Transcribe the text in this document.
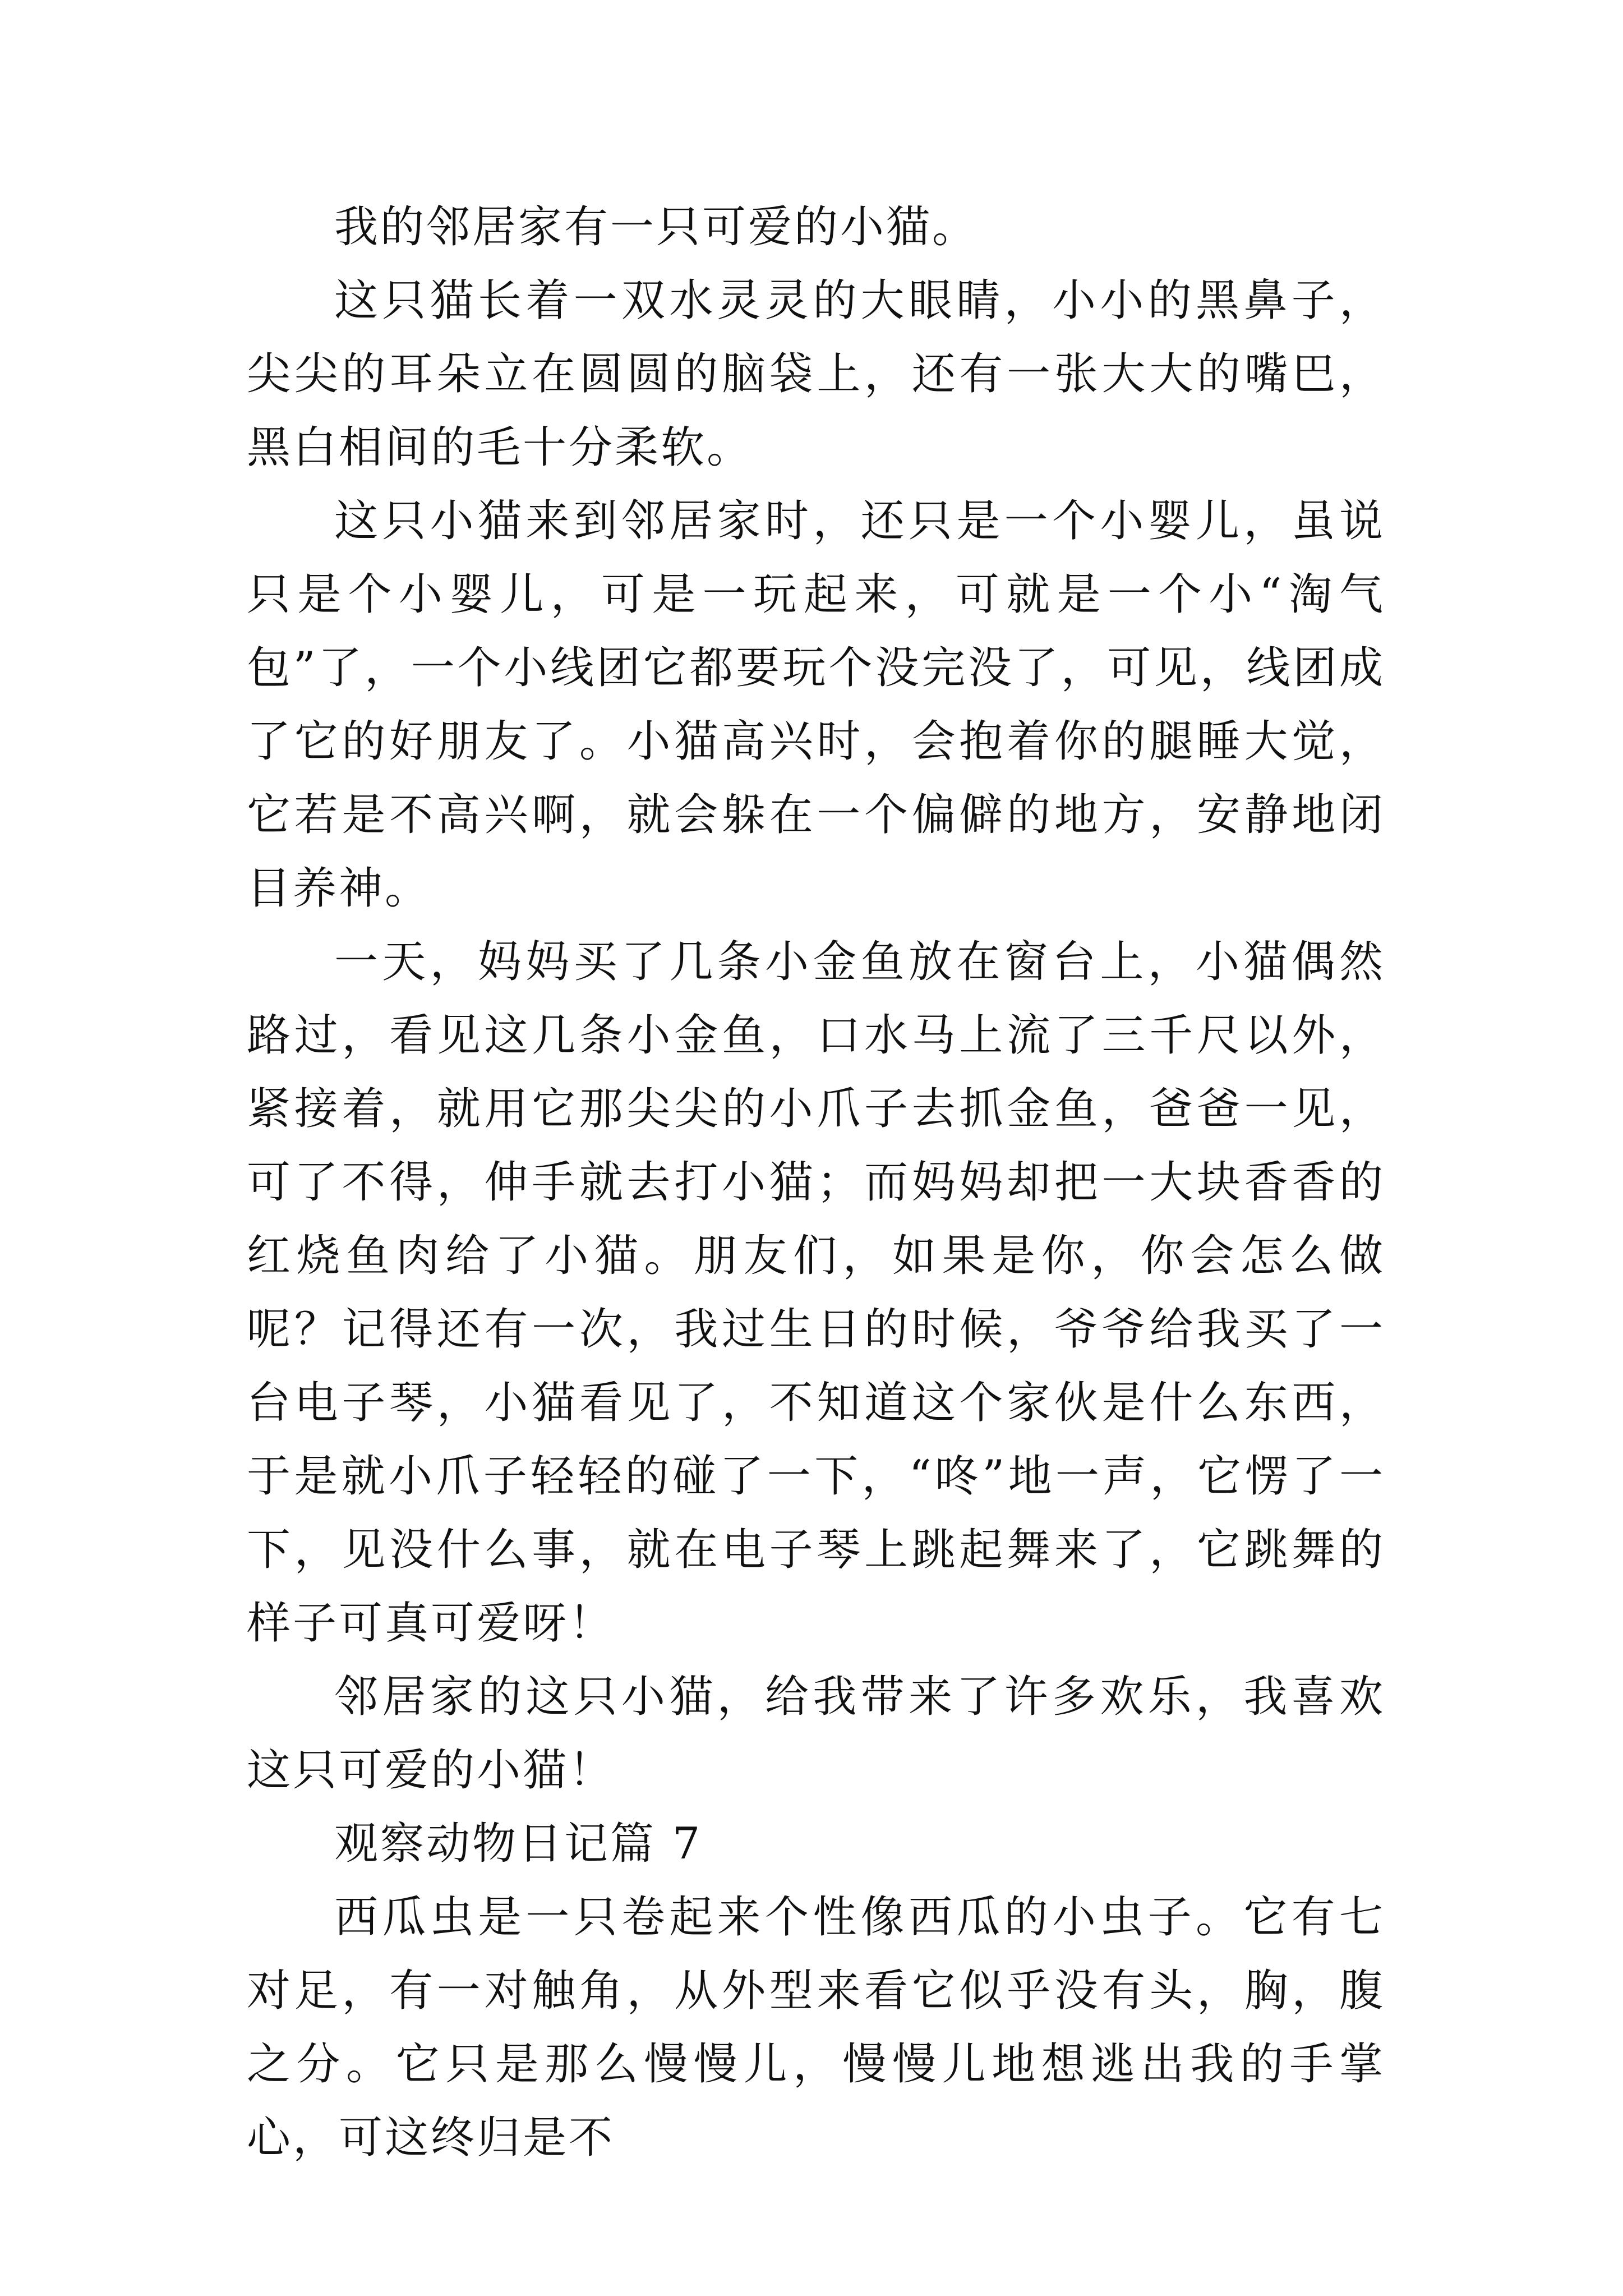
我的邻居家有一只可爱的小猫。

这只猫长着一双水灵灵的大眼睛，小小的黑鼻子，尖尖的耳朵立在圆圆的脑袋上，还有一张大大的嘴巴，黑白相间的毛十分柔软。

这只小猫来到邻居家时，还只是一个小婴儿，虽说只是个小婴儿，可是一玩起来，可就是一个小“淘气包”了，一个小线团它都要玩个没完没了，可见，线团成了它的好朋友了。小猫高兴时，会抱着你的腿睡大觉，它若是不高兴啊，就会躲在一个偏僻的地方，安静地闭目养神。

一天，妈妈买了几条小金鱼放在窗台上，小猫偶然路过，看见这几条小金鱼，口水马上流了三千尺以外，紧接着，就用它那尖尖的小爪子去抓金鱼，爸爸一见，可了不得，伸手就去打小猫；而妈妈却把一大块香香的红烧鱼肉给了小猫。朋友们，如果是你，你会怎么做呢？记得还有一次，我过生日的时候，爷爷给我买了一台电子琴，小猫看见了，不知道这个家伙是什么东西，于是就小爪子轻轻的碰了一下，“咚”地一声，它愣了一下，见没什么事，就在电子琴上跳起舞来了，它跳舞的样子可真可爱呀！

邻居家的这只小猫，给我带来了许多欢乐，我喜欢这只可爱的小猫！

观察动物日记篇 7

西瓜虫是一只卷起来个性像西瓜的小虫子。它有七对足，有一对触角，从外型来看它似乎没有头，胸，腹之分。它只是那么慢慢儿，慢慢儿地想逃出我的手掌心，可这终归是不
